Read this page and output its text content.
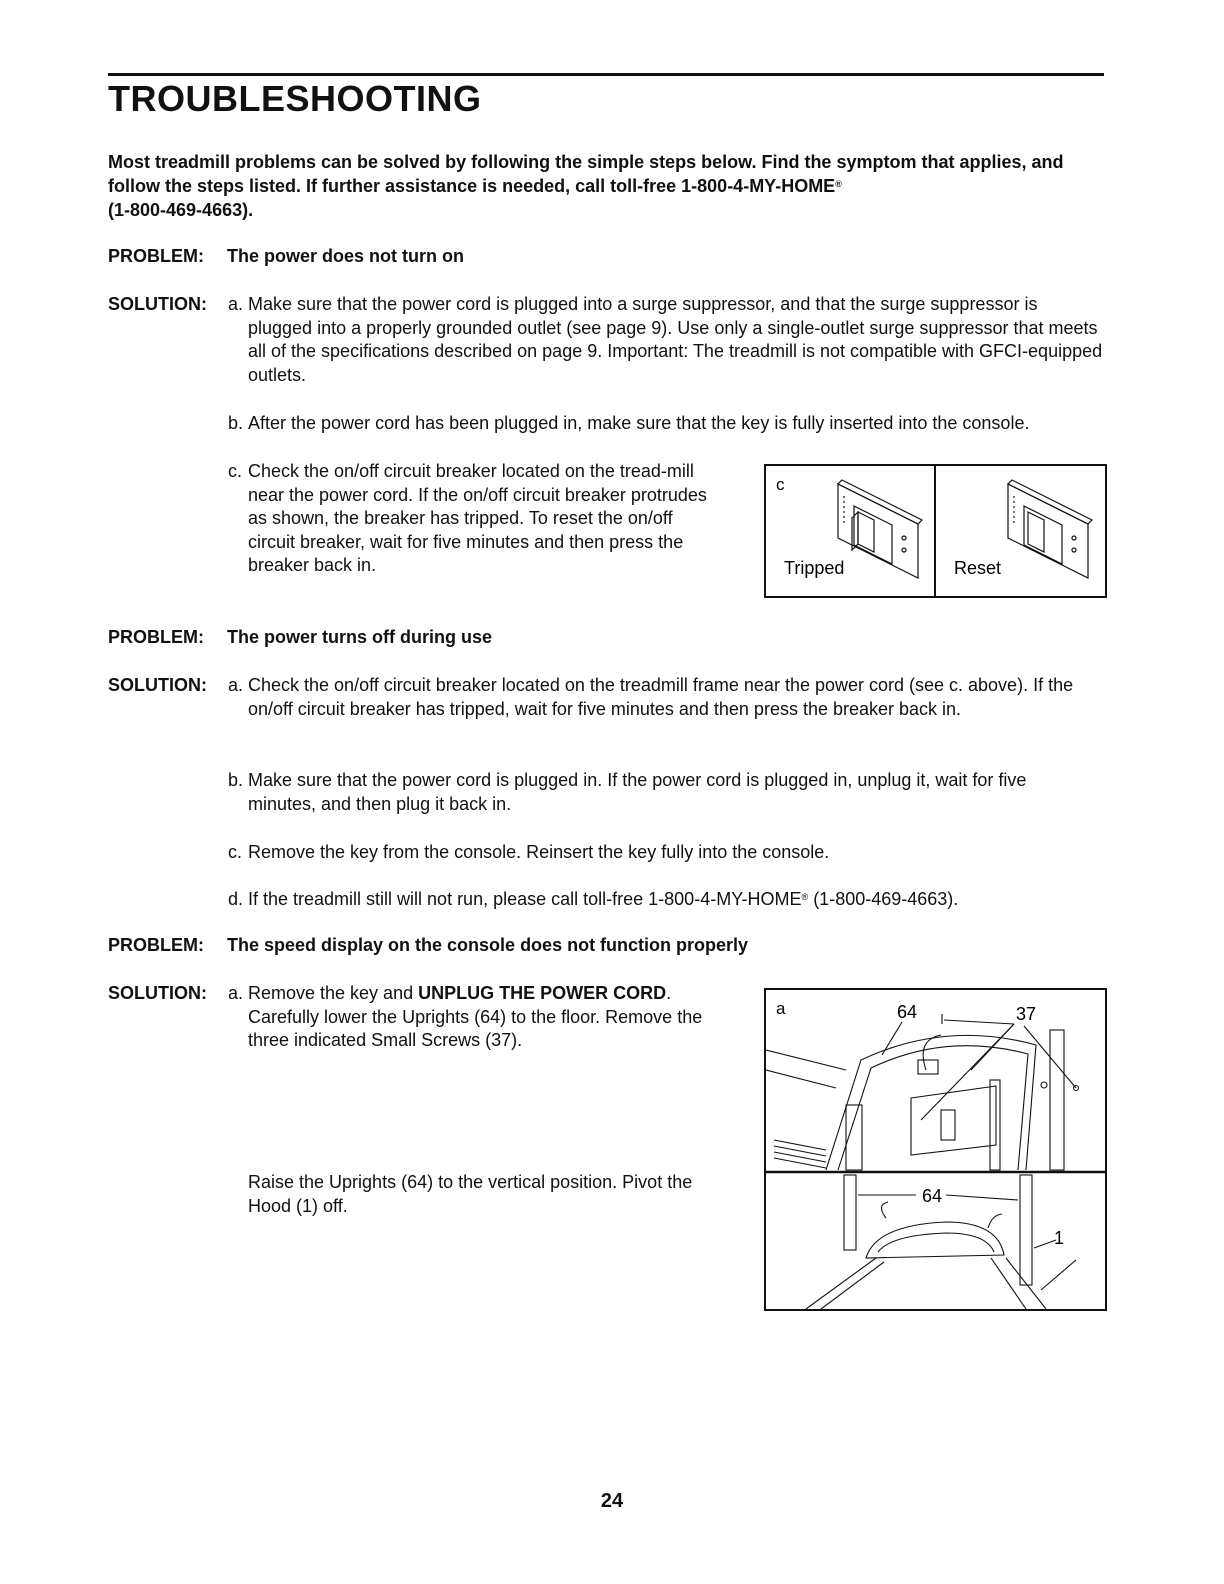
TROUBLESHOOTING
Most treadmill problems can be solved by following the simple steps below. Find the symptom that applies, and follow the steps listed. If further assistance is needed, call toll-free 1-800-4-MY-HOME®
(1-800-469-4663).
PROBLEM: The power does not turn on
SOLUTION: a. Make sure that the power cord is plugged into a surge suppressor, and that the surge suppressor is plugged into a properly grounded outlet (see page 9). Use only a single-outlet surge suppressor that meets all of the specifications described on page 9. Important: The treadmill is not compatible with GFCI-equipped outlets.
b. After the power cord has been plugged in, make sure that the key is fully inserted into the console.
c. Check the on/off circuit breaker located on the tread-mill near the power cord. If the on/off circuit breaker protrudes as shown, the breaker has tripped. To reset the on/off circuit breaker, wait for five minutes and then press the breaker back in.
c
Tripped	Reset
PROBLEM: The power turns off during use
SOLUTION: a. Check the on/off circuit breaker located on the treadmill frame near the power cord (see c. above). If the on/off circuit breaker has tripped, wait for five minutes and then press the breaker back in.
b. Make sure that the power cord is plugged in. If the power cord is plugged in, unplug it, wait for five minutes, and then plug it back in.
c. Remove the key from the console. Reinsert the key fully into the console.
d. If the treadmill still will not run, please call toll-free 1-800-4-MY-HOME® (1-800-469-4663).
PROBLEM: The speed display on the console does not function properly
SOLUTION: a. Remove the key and UNPLUG THE POWER CORD. Carefully lower the Uprights (64) to the floor. Remove the three indicated Small Screws (37).
Raise the Uprights (64) to the vertical position. Pivot the Hood (1) off.
a	64	37
64
1
24
